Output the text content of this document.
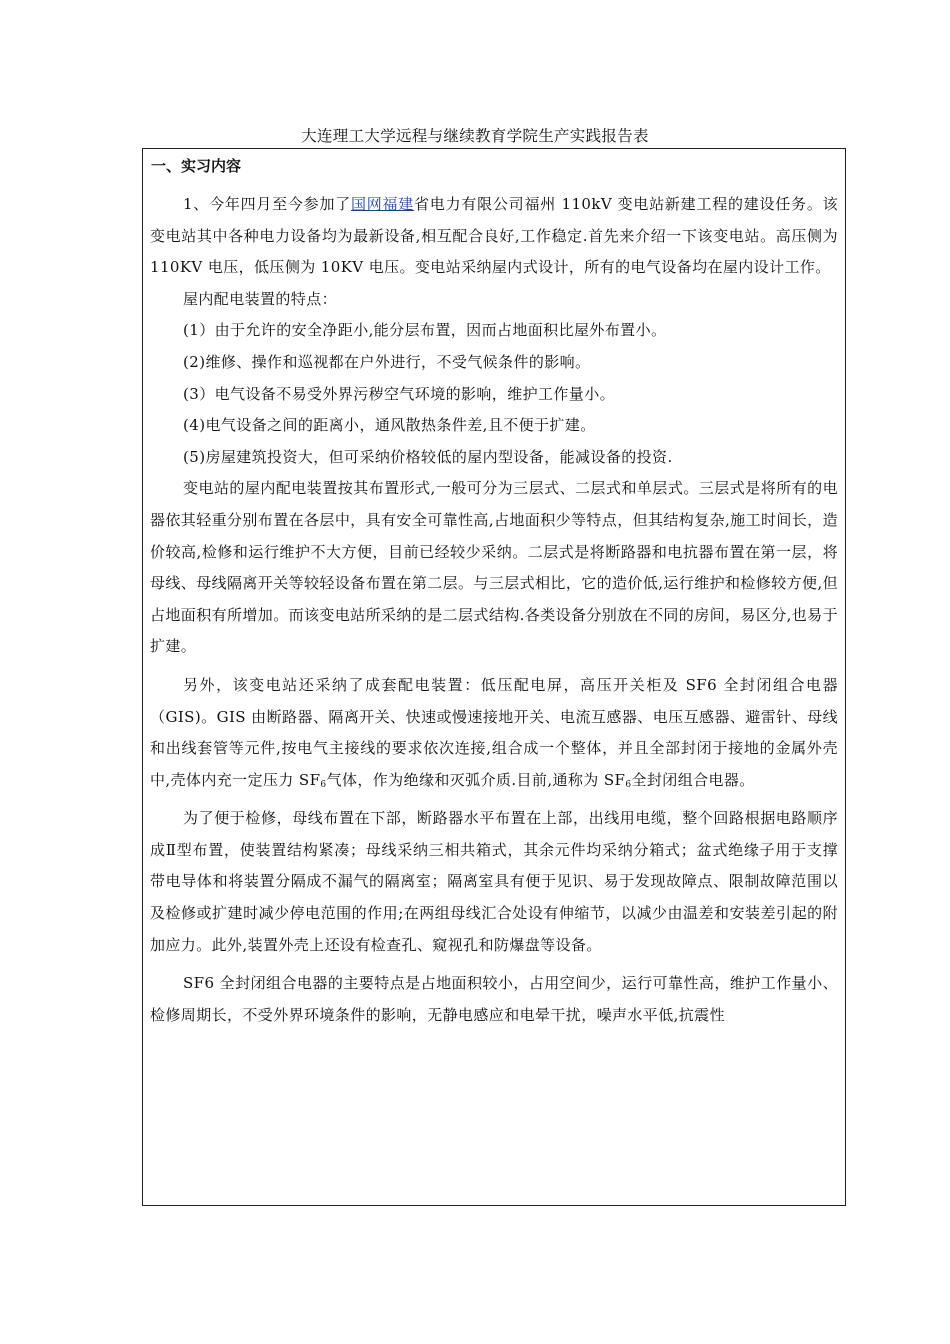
大连理工大学远程与继续教育学院生产实践报告表
一、实习内容

1、今年四月至今参加了国网福建省电力有限公司福州 110kV 变电站新建工程的建设任务。该变电站其中各种电力设备均为最新设备,相互配合良好,工作稳定.首先来介绍一下该变电站。高压侧为 110KV 电压，低压侧为 10KV 电压。变电站采纳屋内式设计，所有的电气设备均在屋内设计工作。

屋内配电装置的特点：

(1）由于允许的安全净距小,能分层布置，因而占地面积比屋外布置小。

(2)维修、操作和巡视都在户外进行，不受气候条件的影响。

(3）电气设备不易受外界污秽空气环境的影响，维护工作量小。

(4)电气设备之间的距离小，通风散热条件差,且不便于扩建。

(5)房屋建筑投资大，但可采纳价格较低的屋内型设备，能减设备的投资.

变电站的屋内配电装置按其布置形式,一般可分为三层式、二层式和单层式。三层式是将所有的电器依其轻重分别布置在各层中，具有安全可靠性高,占地面积少等特点，但其结构复杂,施工时间长，造价较高,检修和运行维护不大方便，目前已经较少采纳。二层式是将断路器和电抗器布置在第一层，将母线、母线隔离开关等较轻设备布置在第二层。与三层式相比，它的造价低,运行维护和检修较方便,但占地面积有所增加。而该变电站所采纳的是二层式结构.各类设备分别放在不同的房间，易区分,也易于扩建。

另外，该变电站还采纳了成套配电装置：低压配电屏，高压开关柜及 SF6 全封闭组合电器（GIS)。GIS 由断路器、隔离开关、快速或慢速接地开关、电流互感器、电压互感器、避雷针、母线和出线套管等元件,按电气主接线的要求依次连接,组合成一个整体，并且全部封闭于接地的金属外壳中,壳体内充一定压力 $SF_6$气体，作为绝缘和灭弧介质.目前,通称为 $SF_6$全封闭组合电器。

为了便于检修，母线布置在下部，断路器水平布置在上部，出线用电缆，整个回路根据电路顺序成Ⅱ型布置，使装置结构紧凑；母线采纳三相共箱式，其余元件均采纳分箱式；盆式绝缘子用于支撑带电导体和将装置分隔成不漏气的隔离室；隔离室具有便于见识、易于发现故障点、限制故障范围以及检修或扩建时减少停电范围的作用;在两组母线汇合处设有伸缩节，以减少由温差和安装差引起的附加应力。此外,装置外壳上还设有检查孔、窥视孔和防爆盘等设备。

SF6 全封闭组合电器的主要特点是占地面积较小，占用空间少，运行可靠性高，维护工作量小、检修周期长，不受外界环境条件的影响，无静电感应和电晕干扰，噪声水平低,抗震性
